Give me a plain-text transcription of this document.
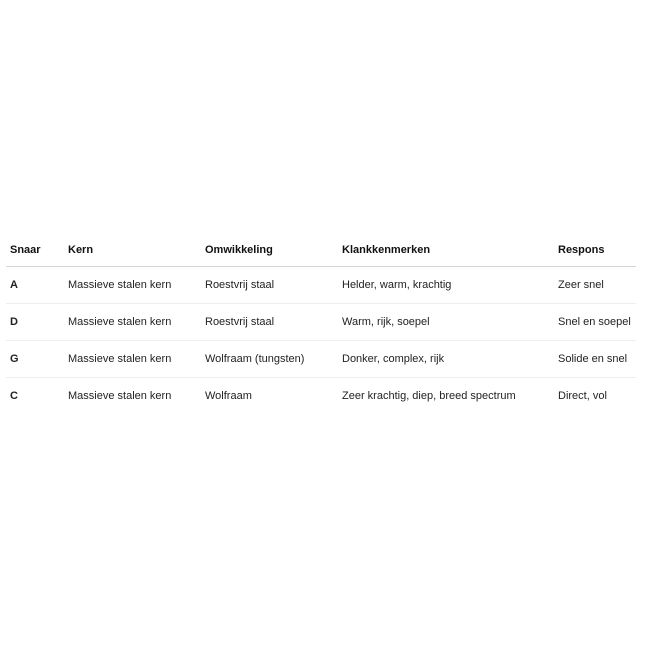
Snaar	Kern	Omwikkeling	Klankkenmerken	Respons
A	Massieve stalen kern	Roestvrij staal	Helder, warm, krachtig	Zeer snel
D	Massieve stalen kern	Roestvrij staal	Warm, rijk, soepel	Snel en soepel
G	Massieve stalen kern	Wolfraam (tungsten)	Donker, complex, rijk	Solide en snel
C	Massieve stalen kern	Wolfraam	Zeer krachtig, diep, breed spectrum	Direct, vol
